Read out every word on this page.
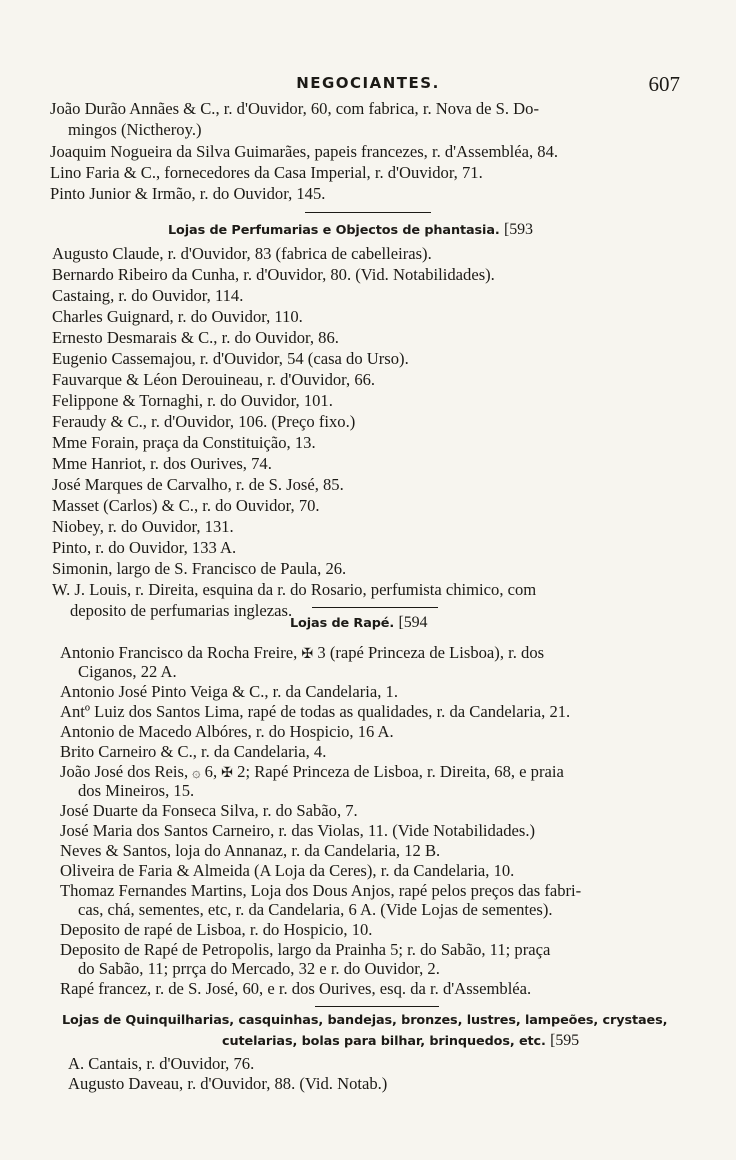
NEGOCIANTES.	607
João Durão Annães & C., r. d'Ouvidor, 60, com fabrica, r. Nova de S. Do-
mingos (Nictheroy.)
Joaquim Nogueira da Silva Guimarães, papeis francezes, r. d'Assembléa, 84.
Lino Faria & C., fornecedores da Casa Imperial, r. d'Ouvidor, 71.
Pinto Junior & Irmão, r. do Ouvidor, 145.
Lojas de Perfumarias e Objectos de phantasia. [593
Augusto Claude, r. d'Ouvidor, 83 (fabrica de cabelleiras).
Bernardo Ribeiro da Cunha, r. d'Ouvidor, 80. (Vid. Notabilidades).
Castaing, r. do Ouvidor, 114.
Charles Guignard, r. do Ouvidor, 110.
Ernesto Desmarais & C., r. do Ouvidor, 86.
Eugenio Cassemajou, r. d'Ouvidor, 54 (casa do Urso).
Fauvarque & Léon Derouineau, r. d'Ouvidor, 66.
Felippone & Tornaghi, r. do Ouvidor, 101.
Feraudy & C., r. d'Ouvidor, 106. (Preço fixo.)
Mme Forain, praça da Constituição, 13.
Mme Hanriot, r. dos Ourives, 74.
José Marques de Carvalho, r. de S. José, 85.
Masset (Carlos) & C., r. do Ouvidor, 70.
Niobey, r. do Ouvidor, 131.
Pinto, r. do Ouvidor, 133 A.
Simonin, largo de S. Francisco de Paula, 26.
W. J. Louis, r. Direita, esquina da r. do Rosario, perfumista chimico, com
deposito de perfumarias inglezas.
Lojas de Rapé. [594
Antonio Francisco da Rocha Freire, ✠ 3 (rapé Princeza de Lisboa), r. dos
Ciganos, 22 A.
Antonio José Pinto Veiga & C., r. da Candelaria, 1.
Antº Luiz dos Santos Lima, rapé de todas as qualidades, r. da Candelaria, 21.
Antonio de Macedo Albóres, r. do Hospicio, 16 A.
Brito Carneiro & C., r. da Candelaria, 4.
João José dos Reis, ۞ 6, ✠ 2; Rapé Princeza de Lisboa, r. Direita, 68, e praia
dos Mineiros, 15.
José Duarte da Fonseca Silva, r. do Sabão, 7.
José Maria dos Santos Carneiro, r. das Violas, 11. (Vide Notabilidades.)
Neves & Santos, loja do Annanaz, r. da Candelaria, 12 B.
Oliveira de Faria & Almeida (A Loja da Ceres), r. da Candelaria, 10.
Thomaz Fernandes Martins, Loja dos Dous Anjos, rapé pelos preços das fabri-
cas, chá, sementes, etc, r. da Candelaria, 6 A. (Vide Lojas de sementes).
Deposito de rapé de Lisboa, r. do Hospicio, 10.
Deposito de Rapé de Petropolis, largo da Prainha 5; r. do Sabão, 11; praça
do Sabão, 11; prrça do Mercado, 32 e r. do Ouvidor, 2.
Rapé francez, r. de S. José, 60, e r. dos Ourives, esq. da r. d'Assembléa.
Lojas de Quinquilharias, casquinhas, bandejas, bronzes, lustres, lampeões, crystaes,
cutelarias, bolas para bilhar, brinquedos, etc. [595
A. Cantais, r. d'Ouvidor, 76.
Augusto Daveau, r. d'Ouvidor, 88. (Vid. Notab.)
